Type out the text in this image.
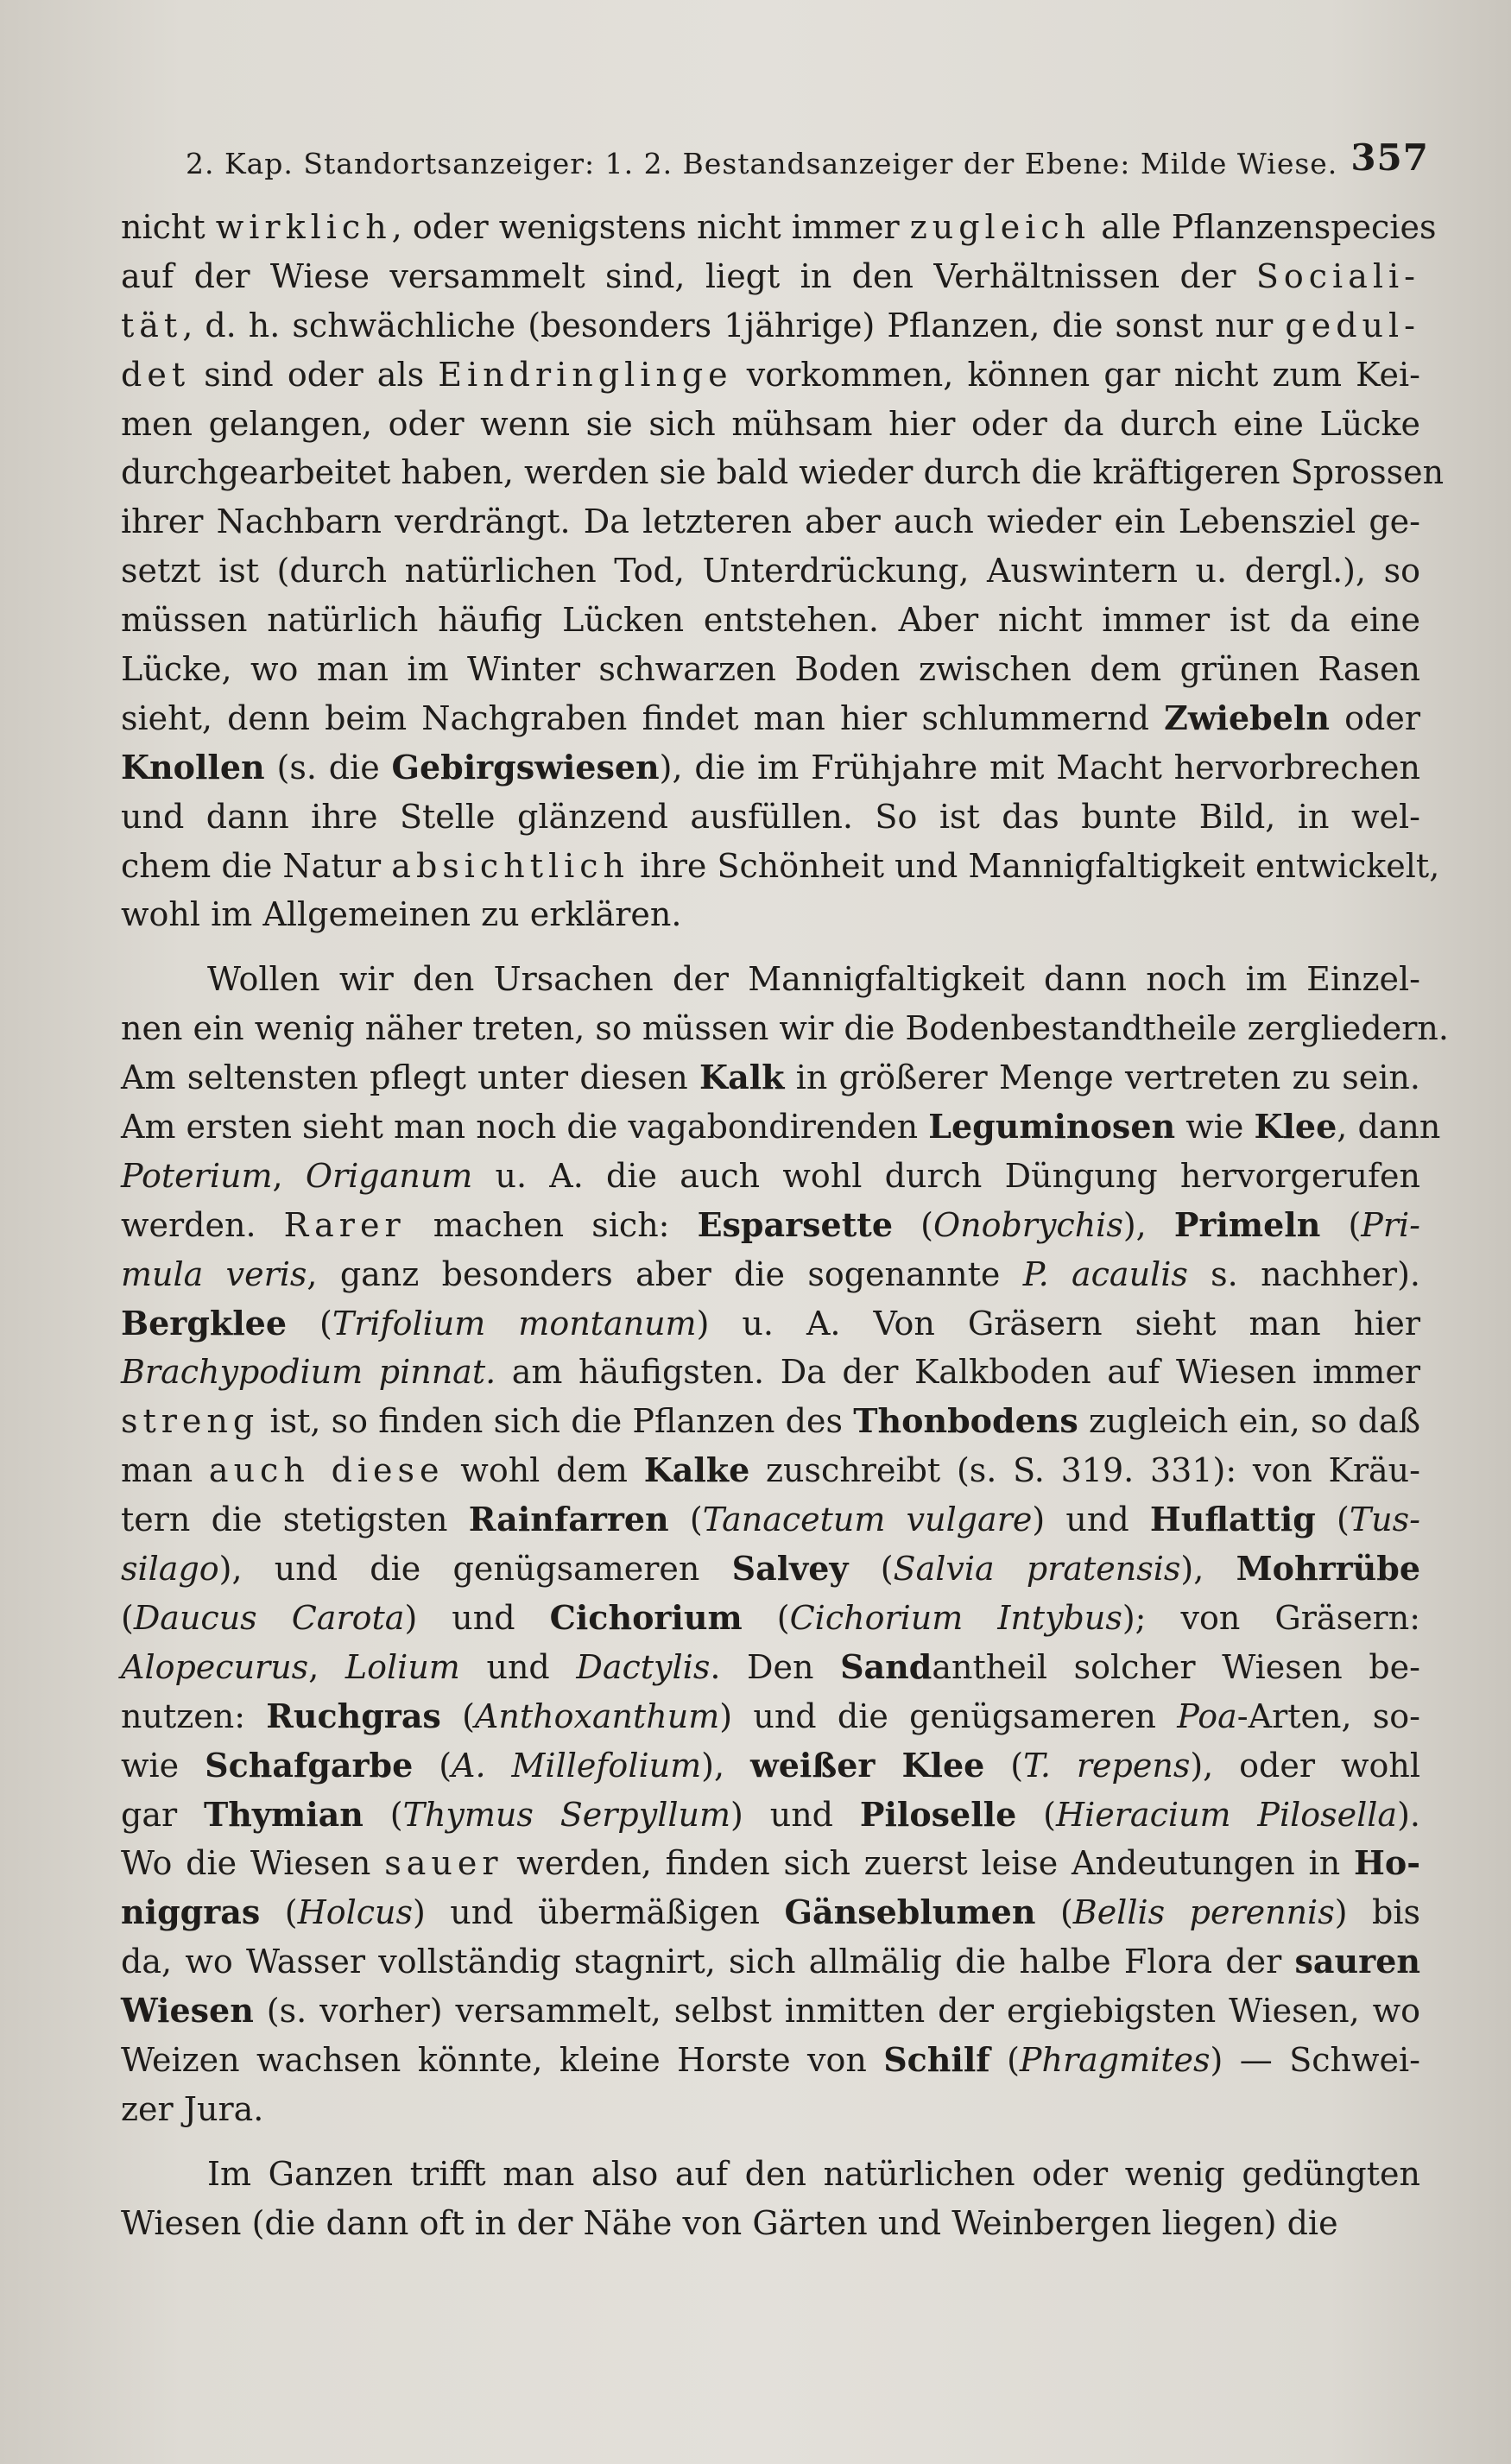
2. Kap. Standortsanzeiger: 1. 2. Bestandsanzeiger der Ebene: Milde Wiese. 357
nicht wirklich, oder wenigstens nicht immer zugleich alle Pflanzenspecies
auf der Wiese versammelt sind, liegt in den Verhältnissen der Sociali-
tät, d. h. schwächliche (besonders 1jährige) Pflanzen, die sonst nur gedul-
det sind oder als Eindringlinge vorkommen, können gar nicht zum Kei-
men gelangen, oder wenn sie sich mühsam hier oder da durch eine Lücke
durchgearbeitet haben, werden sie bald wieder durch die kräftigeren Sprossen
ihrer Nachbarn verdrängt. Da letzteren aber auch wieder ein Lebensziel ge-
setzt ist (durch natürlichen Tod, Unterdrückung, Auswintern u. dergl.), so
müssen natürlich häufig Lücken entstehen. Aber nicht immer ist da eine
Lücke, wo man im Winter schwarzen Boden zwischen dem grünen Rasen
sieht, denn beim Nachgraben findet man hier schlummernd Zwiebeln oder
Knollen (s. die Gebirgswiesen), die im Frühjahre mit Macht hervorbrechen
und dann ihre Stelle glänzend ausfüllen. So ist das bunte Bild, in wel-
chem die Natur absichtlich ihre Schönheit und Mannigfaltigkeit entwickelt,
wohl im Allgemeinen zu erklären.
Wollen wir den Ursachen der Mannigfaltigkeit dann noch im Einzel-
nen ein wenig näher treten, so müssen wir die Bodenbestandtheile zergliedern.
Am seltensten pflegt unter diesen Kalk in größerer Menge vertreten zu sein.
Am ersten sieht man noch die vagabondirenden Leguminosen wie Klee, dann
Poterium, Origanum u. A. die auch wohl durch Düngung hervorgerufen
werden. Rarer machen sich: Esparsette (Onobrychis), Primeln (Pri-
mula veris, ganz besonders aber die sogenannte P. acaulis s. nachher).
Bergklee (Trifolium montanum) u. A. Von Gräsern sieht man hier
Brachypodium pinnat. am häufigsten. Da der Kalkboden auf Wiesen immer
streng ist, so finden sich die Pflanzen des Thonbodens zugleich ein, so daß
man auch diese wohl dem Kalke zuschreibt (s. S. 319. 331): von Kräu-
tern die stetigsten Rainfarren (Tanacetum vulgare) und Huflattig (Tus-
silago), und die genügsameren Salvey (Salvia pratensis), Mohrrübe
(Daucus Carota) und Cichorium (Cichorium Intybus); von Gräsern:
Alopecurus, Lolium und Dactylis. Den Sandantheil solcher Wiesen be-
nutzen: Ruchgras (Anthoxanthum) und die genügsameren Poa-Arten, so-
wie Schafgarbe (A. Millefolium), weißer Klee (T. repens), oder wohl
gar Thymian (Thymus Serpyllum) und Piloselle (Hieracium Pilosella).
Wo die Wiesen sauer werden, finden sich zuerst leise Andeutungen in Ho-
niggras (Holcus) und übermäßigen Gänseblumen (Bellis perennis) bis
da, wo Wasser vollständig stagnirt, sich allmälig die halbe Flora der sauren
Wiesen (s. vorher) versammelt, selbst inmitten der ergiebigsten Wiesen, wo
Weizen wachsen könnte, kleine Horste von Schilf (Phragmites) — Schwei-
zer Jura.
Im Ganzen trifft man also auf den natürlichen oder wenig gedüngten
Wiesen (die dann oft in der Nähe von Gärten und Weinbergen liegen) die
